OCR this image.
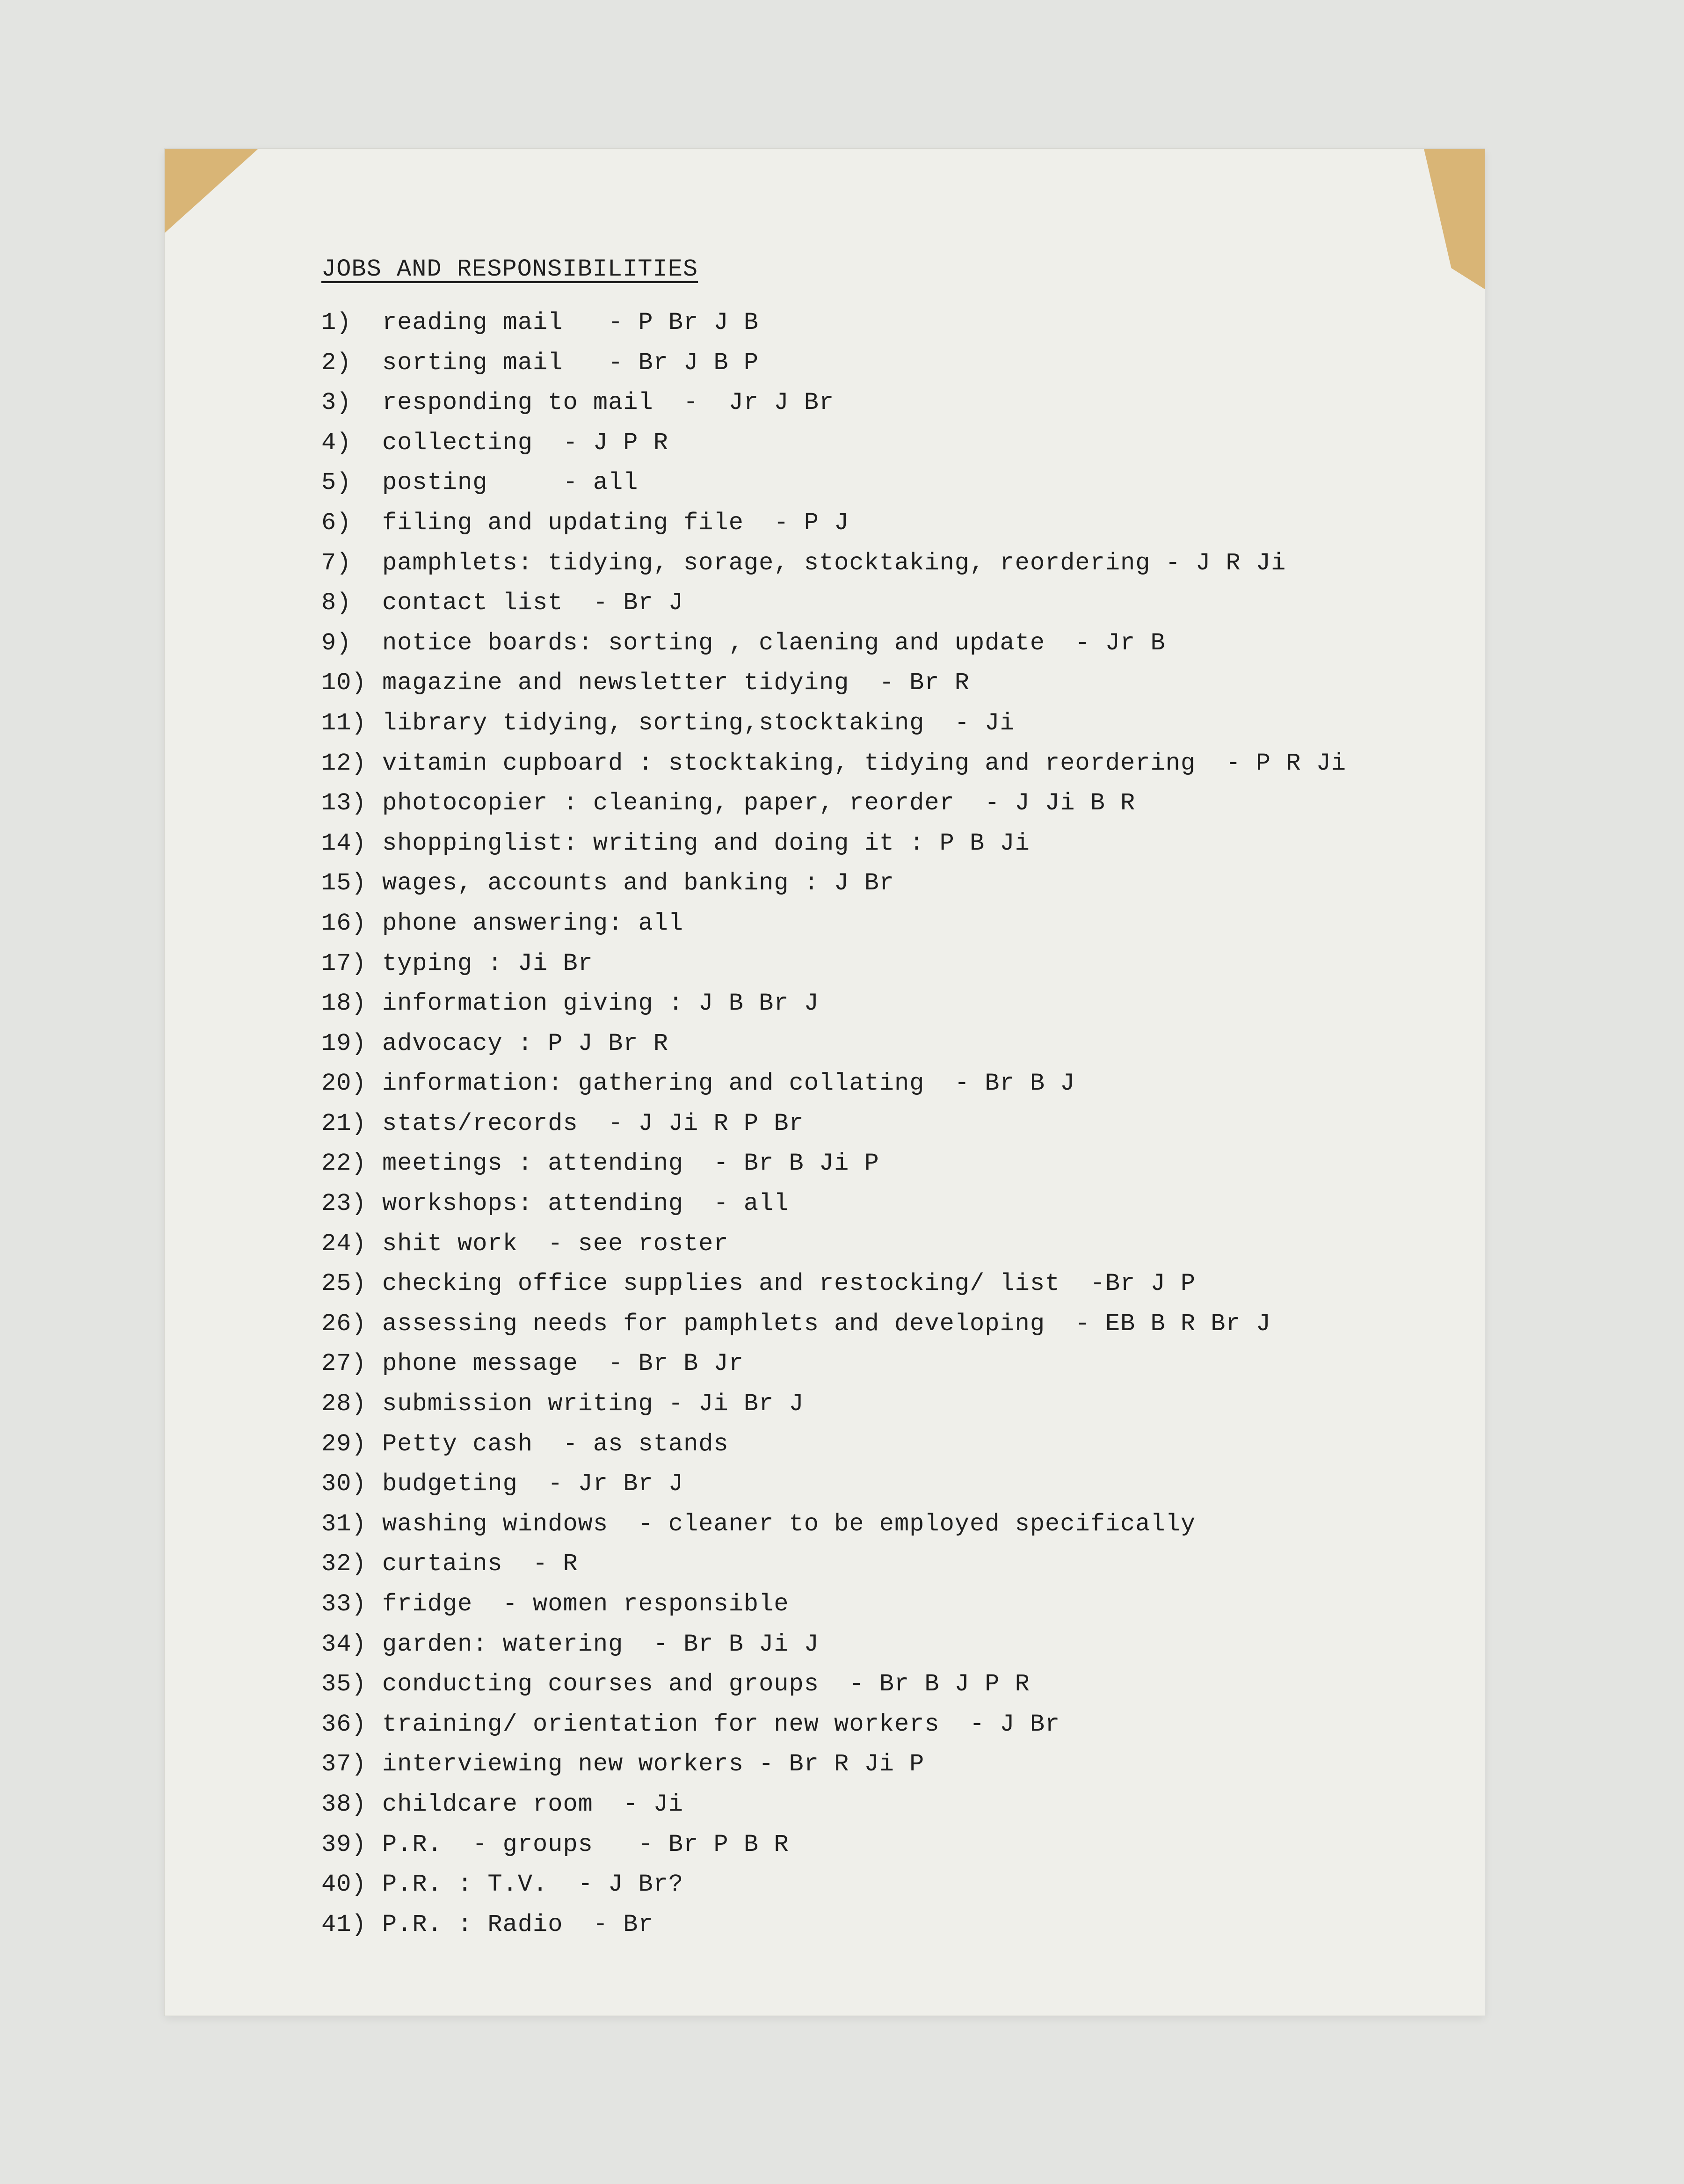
JOBS AND RESPONSIBILITIES
1) reading mail   - P Br J B
2) sorting mail   - Br J B P
3) responding to mail  -  Jr J Br
4) collecting  - J P R
5) posting     - all
6) filing and updating file  - P J
7) pamphlets: tidying, sorage, stocktaking, reordering - J R Ji
8) contact list  - Br J
9) notice boards: sorting , claening and update  - Jr B
10) magazine and newsletter tidying  - Br R
11) library tidying, sorting,stocktaking  - Ji
12) vitamin cupboard : stocktaking, tidying and reordering  - P R Ji
13) photocopier : cleaning, paper, reorder  - J Ji B R
14) shoppinglist: writing and doing it : P B Ji
15) wages, accounts and banking : J Br
16) phone answering: all
17) typing : Ji Br
18) information giving : J B Br J
19) advocacy : P J Br R
20) information: gathering and collating  - Br B J
21) stats/records  - J Ji R P Br
22) meetings : attending  - Br B Ji P
23) workshops: attending  - all
24) shit work  - see roster
25) checking office supplies and restocking/ list  -Br J P
26) assessing needs for pamphlets and developing  - EB B R Br J
27) phone message  - Br B Jr
28) submission writing - Ji Br J
29) Petty cash  - as stands
30) budgeting  - Jr Br J
31) washing windows  - cleaner to be employed specifically
32) curtains  - R
33) fridge  - women responsible
34) garden: watering  - Br B Ji J
35) conducting courses and groups  - Br B J P R
36) training/ orientation for new workers  - J Br
37) interviewing new workers - Br R Ji P
38) childcare room  - Ji
39) P.R.  - groups   - Br P B R
40) P.R. : T.V.  - J Br?
41) P.R. : Radio  - Br
